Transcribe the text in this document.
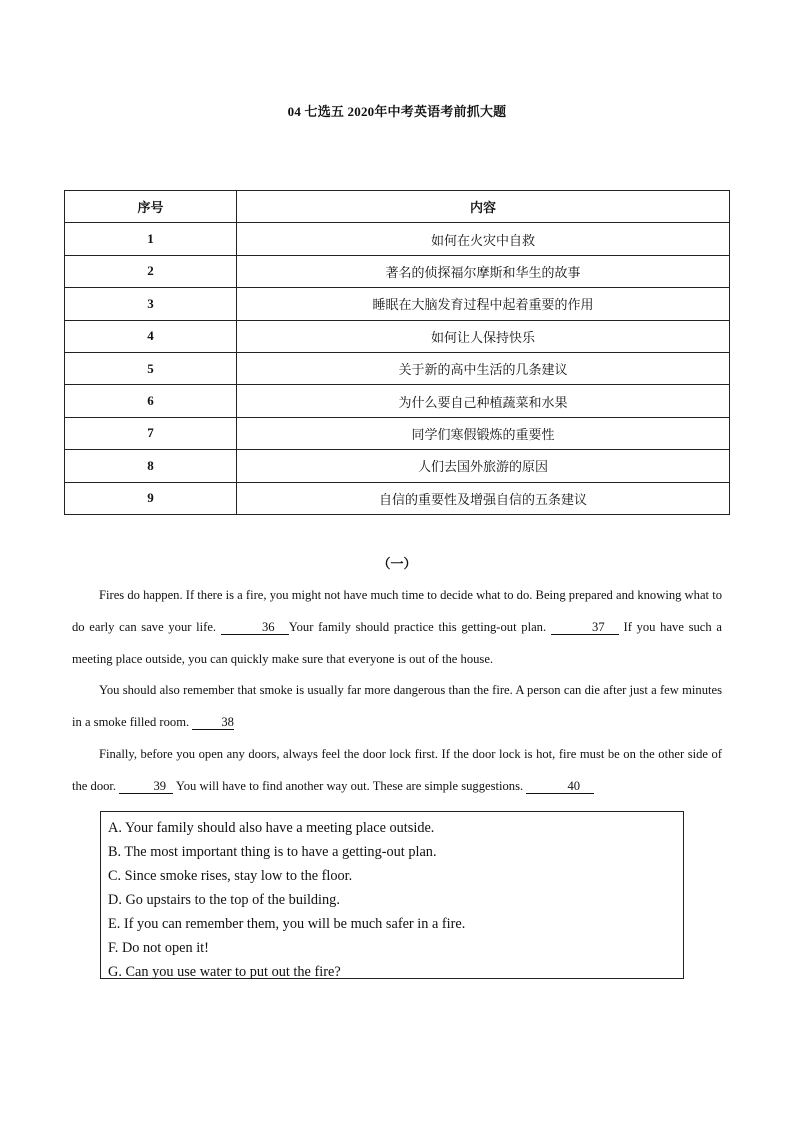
04 七选五 2020年中考英语考前抓大题
序号	内容
1	如何在火灾中自救
2	著名的侦探福尔摩斯和华生的故事
3	睡眠在大脑发育过程中起着重要的作用
4	如何让人保持快乐
5	关于新的高中生活的几条建议
6	为什么要自己种植蔬菜和水果
7	同学们寒假锻炼的重要性
8	人们去国外旅游的原因
9	自信的重要性及增强自信的五条建议
（一）

Fires do happen. If there is a fire, you might not have much time to decide what to do. Being prepared and knowing what to do early can save your life.	36 Your family should practice this getting-out plan.	37 If you have such a meeting place outside, you can quickly make sure that everyone is out of the house.

You should also remember that smoke is usually far more dangerous than the fire. A person can die after just a few minutes in a smoke filled room.	38

Finally, before you open any doors, always feel the door lock first. If the door lock is hot, fire must be on the other side of the door.	39 You will have to find another way out. These are simple suggestions.	40

A. Your family should also have a meeting place outside.
B. The most important thing is to have a getting-out plan.
C. Since smoke rises, stay low to the floor.
D. Go upstairs to the top of the building.
E. If you can remember them, you will be much safer in a fire.
F. Do not open it!
G. Can you use water to put out the fire?
